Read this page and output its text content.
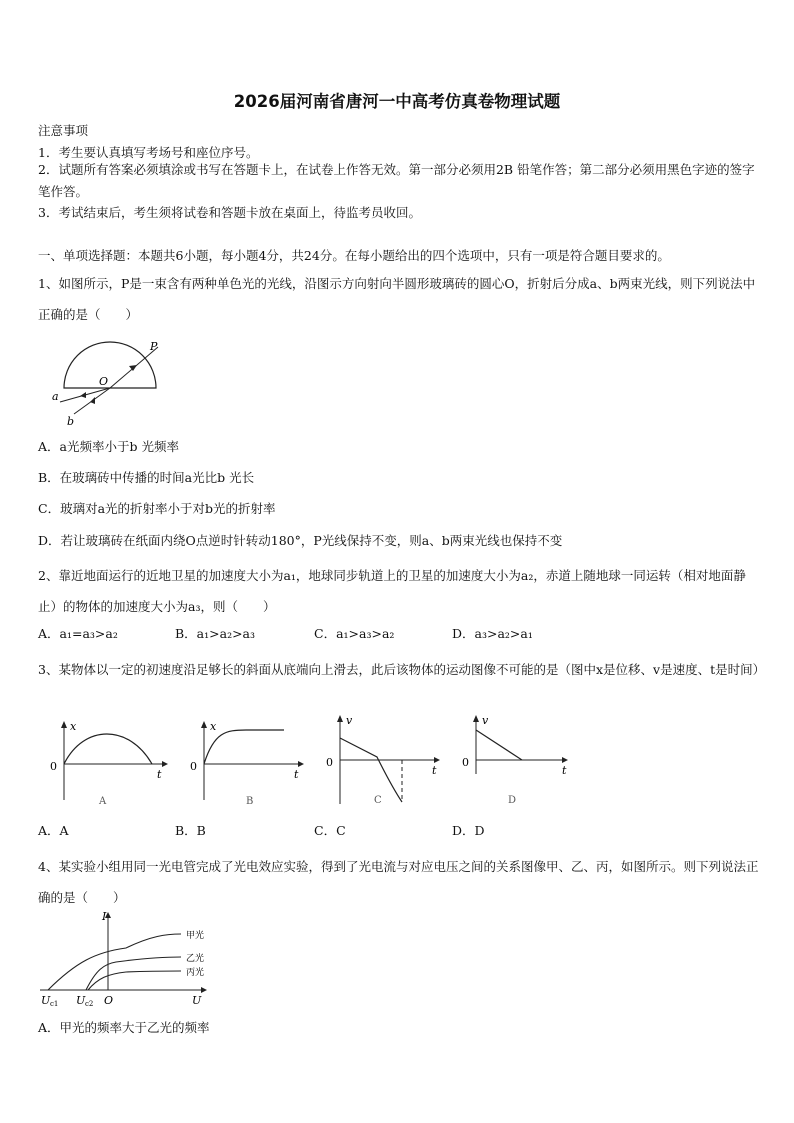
2026届河南省唐河一中高考仿真卷物理试题
注意事项
1．考生要认真填写考场号和座位序号。
2．试题所有答案必须填涂或书写在答题卡上，在试卷上作答无效。第一部分必须用2B 铅笔作答；第二部分必须用黑色字迹的签字笔作答。
3．考试结束后，考生须将试卷和答题卡放在桌面上，待监考员收回。
一、单项选择题：本题共6小题，每小题4分，共24分。在每小题给出的四个选项中，只有一项是符合题目要求的。
1、如图所示，P是一束含有两种单色光的光线，沿图示方向射向半圆形玻璃砖的圆心O，折射后分成a、b两束光线，则下列说法中正确的是（　　）
P
O
a
b
A．a光频率小于b 光频率
B．在玻璃砖中传播的时间a光比b 光长
C．玻璃对a光的折射率小于对b光的折射率
D．若让玻璃砖在纸面内绕O点逆时针转动180°，P光线保持不变，则a、b两束光线也保持不变
2、靠近地面运行的近地卫星的加速度大小为a₁，地球同步轨道上的卫星的加速度大小为a₂，赤道上随地球一同运转（相对地面静止）的物体的加速度大小为a₃，则（　　）
A．a₁=a₃>a₂	B．a₁>a₂>a₃	C．a₁>a₃>a₂	D．a₃>a₂>a₁
3、某物体以一定的初速度沿足够长的斜面从底端向上滑去，此后该物体的运动图像不可能的是（图中x是位移、v是速度、t是时间）
x
0
t
A
x
0
t
B
v
0
t
C
v
0
t
D
A．A	B．B	C．C	D．D
4、某实验小组用同一光电管完成了光电效应实验，得到了光电流与对应电压之间的关系图像甲、乙、丙，如图所示。则下列说法正确的是（　　）
I
甲光
乙光
丙光
U c1 U c2 O	U
A．甲光的频率大于乙光的频率
